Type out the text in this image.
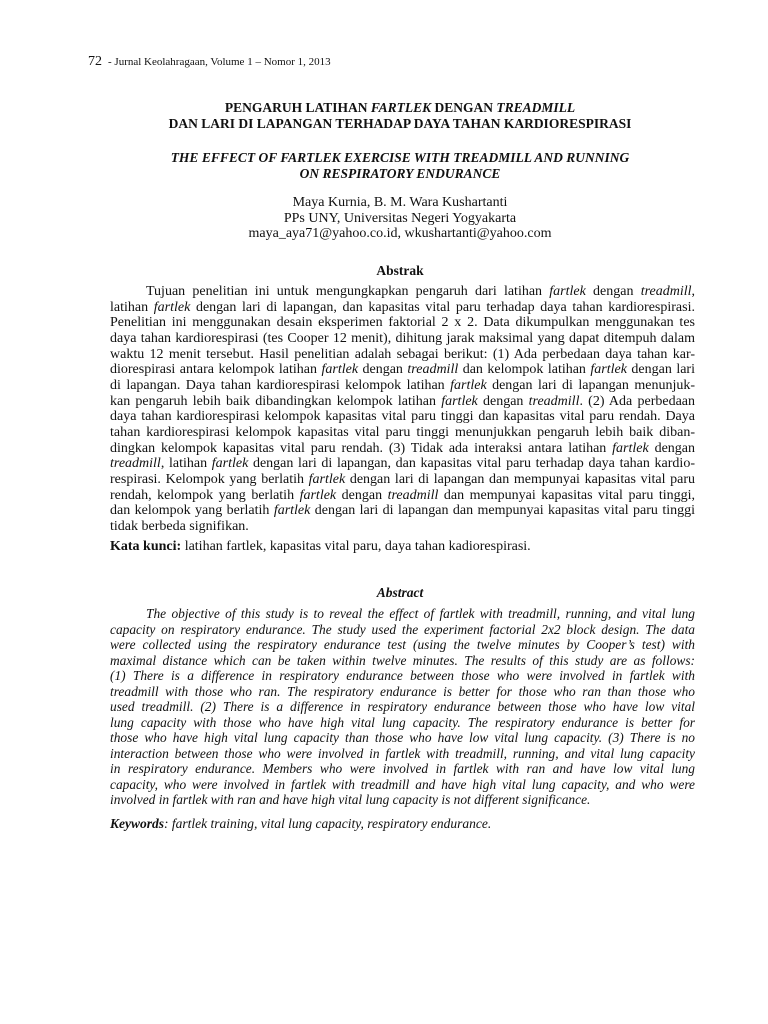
72 - Jurnal Keolahragaan, Volume 1 – Nomor 1, 2013
PENGARUH LATIHAN FARTLEK DENGAN TREADMILL
DAN LARI DI LAPANGAN TERHADAP DAYA TAHAN KARDIORESPIRASI
THE EFFECT OF FARTLEK EXERCISE WITH TREADMILL AND RUNNING
ON RESPIRATORY ENDURANCE
Maya Kurnia, B. M. Wara Kushartanti
PPs UNY, Universitas Negeri Yogyakarta
maya_aya71@yahoo.co.id, wkushartanti@yahoo.com
Abstrak
Tujuan penelitian ini untuk mengungkapkan pengaruh dari latihan fartlek dengan treadmill,
latihan fartlek dengan lari di lapangan, dan kapasitas vital paru terhadap daya tahan kardiorespirasi.
Penelitian ini menggunakan desain eksperimen faktorial 2 x 2. Data dikumpulkan menggunakan tes
daya tahan kardiorespirasi (tes Cooper 12 menit), dihitung jarak maksimal yang dapat ditempuh dalam
waktu 12 menit tersebut. Hasil penelitian adalah sebagai berikut: (1) Ada perbedaan daya tahan kar-
diorespirasi antara kelompok latihan fartlek dengan treadmill dan kelompok latihan fartlek dengan lari
di lapangan. Daya tahan kardiorespirasi kelompok latihan fartlek dengan lari di lapangan menunjuk-
kan pengaruh lebih baik dibandingkan kelompok latihan fartlek dengan treadmill. (2) Ada perbedaan
daya tahan kardiorespirasi kelompok kapasitas vital paru tinggi dan kapasitas vital paru rendah. Daya
tahan kardiorespirasi kelompok kapasitas vital paru tinggi menunjukkan pengaruh lebih baik diban-
dingkan kelompok kapasitas vital paru rendah. (3) Tidak ada interaksi antara latihan fartlek dengan
treadmill, latihan fartlek dengan lari di lapangan, dan kapasitas vital paru terhadap daya tahan kardio-
respirasi. Kelompok yang berlatih fartlek dengan lari di lapangan dan mempunyai kapasitas vital paru
rendah, kelompok yang berlatih fartlek dengan treadmill dan mempunyai kapasitas vital paru tinggi,
dan kelompok yang berlatih fartlek dengan lari di lapangan dan mempunyai kapasitas vital paru tinggi
tidak berbeda signifikan.
Kata kunci: latihan fartlek, kapasitas vital paru, daya tahan kadiorespirasi.
Abstract
The objective of this study is to reveal the effect of fartlek with treadmill, running, and vital lung
capacity on respiratory endurance. The study used the experiment factorial 2x2 block design. The data
were collected using the respiratory endurance test (using the twelve minutes by Cooper’s test) with
maximal distance which can be taken within twelve minutes. The results of this study are as follows:
(1) There is a difference in respiratory endurance between those who were involved in fartlek with
treadmill with those who ran. The respiratory endurance is better for those who ran than those who
used treadmill. (2) There is a difference in respiratory endurance between those who have low vital
lung capacity with those who have high vital lung capacity. The respiratory endurance is better for
those who have high vital lung capacity than those who have low vital lung capacity. (3) There is no
interaction between those who were involved in fartlek with treadmill, running, and vital lung capacity
in respiratory endurance. Members who were involved in fartlek with ran and have low vital lung
capacity, who were involved in fartlek with treadmill and have high vital lung capacity, and who were
involved in fartlek with ran and have high vital lung capacity is not different significance.
Keywords: fartlek training, vital lung capacity, respiratory endurance.
